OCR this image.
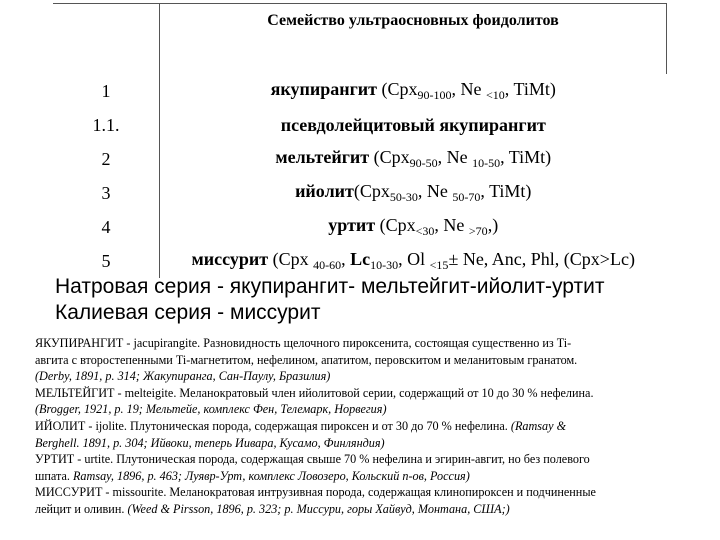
	Семейство ультраосновных фоидолитов
1	якупирангит (Срх$_{90-100}$, Ne $_{<10}$, TiMt)
1.1.	псевдолейцитовый якупирангит
2	мельтейгит (Срх$_{90-50}$, Ne $_{10-50}$, TiMt)
3	ийолит(Срх$_{50-30}$, Ne $_{50-70}$, TiMt)
4	уртит (Срх$_{<30}$, Ne $_{>70}$,)
5	миссурит (Срх $_{40-60}$, $Lc_{10-30}$, Ol $_{<15}$± Ne, Anc, Phl, (Cpx>Lc)
Натровая серия - якупирангит- мельтейгит-ийолит-уртит
Калиевая серия - миссурит

ЯКУПИРАНГИТ - jacupirangite. Разновидность щелочного пироксенита, состоящая существенно из Ti-

авгита с второстепенными Ti-магнетитом, нефелином, апатитом, перовскитом и меланитовым гранатом.

(Derby, 1891, p. 314; Жакупиранга, Сан-Паулу, Бразилия)

МЕЛЬТЕЙГИТ - melteigite. Меланократовый член ийолитовой серии, содержащий от 10 до 30 % нефелина.

(Brogger, 1921, p. 19; Мельтейе, комплекс Фен, Телемарк, Норвегия)

ИЙОЛИТ - ijolite. Плутоническая порода, содержащая пироксен и от 30 до 70 % нефелина. (Ramsay &

Berghell. 1891, p. 304; Ийвоки, теперь Ииварa, Кусамо, Финляндия)

УРТИТ - urtite. Плутоническая порода, содержащая свыше 70 % нефелина и эгирин-авгит, но без полевого

шпата. Ramsay, 1896, p. 463; Луявр-Урт, комплекс Ловозеро, Кольский п-ов, Россия)

МИССУРИТ - missourite. Меланократовая интрузивная порода, содержащая клинопироксен и подчиненные

лейцит и оливин. (Weed & Pirsson, 1896, p. 323; р. Миссури, горы Хайвуд, Монтана, США;)
